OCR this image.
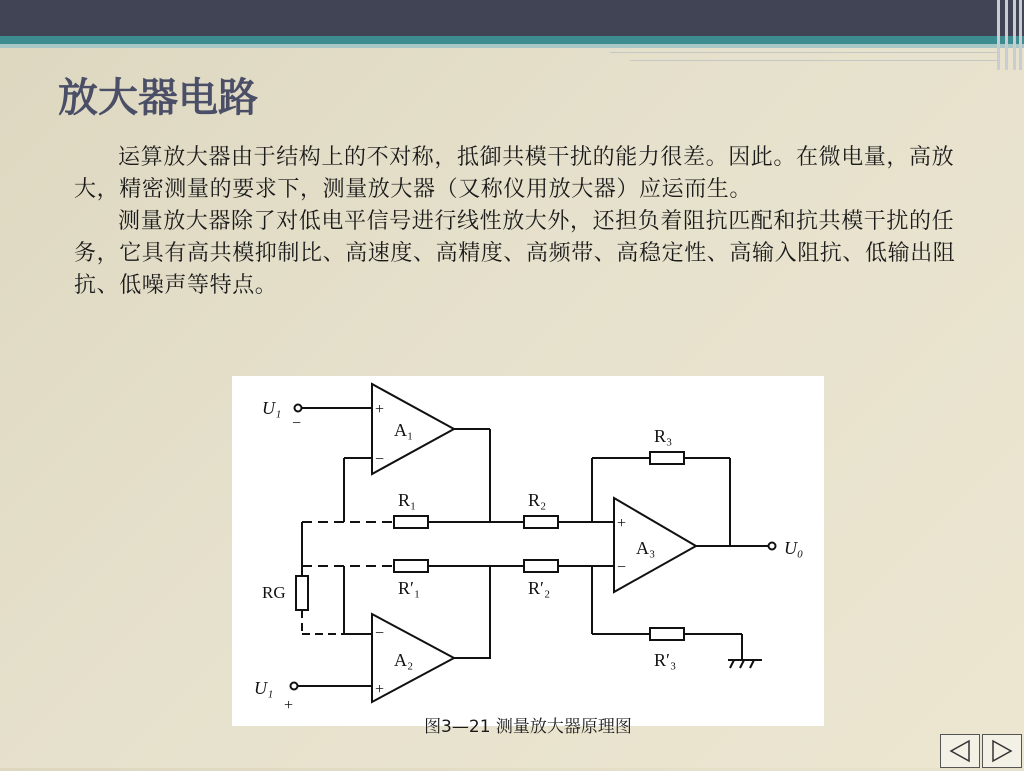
放大器电路

运算放大器由于结构上的不对称，抵御共模干扰的能力很差。因此。在微电量，高放大，精密测量的要求下，测量放大器（又称仪用放大器）应运而生。

测量放大器除了对低电平信号进行线性放大外，还担负着阻抗匹配和抗共模干扰的任务，它具有高共模抑制比、高速度、高精度、高频带、高稳定性、高输入阻抗、低输出阻抗、低噪声等特点。

A₁
+
−
U₁
−
R₁	R₂
R′₁	R′₂
RG
A₂
−
+
U₁
+
A₃
+
−
R₃
U₀
R′₃
图3—21 测量放大器原理图
